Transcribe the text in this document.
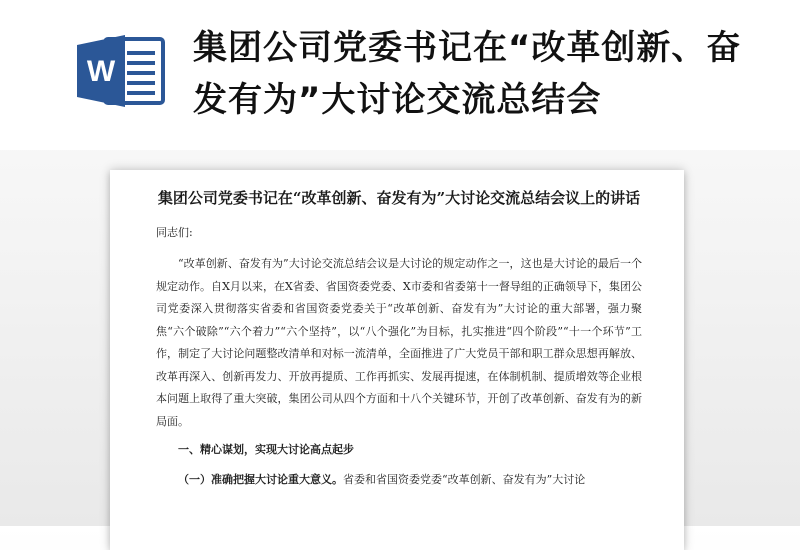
W
集团公司党委书记在“改革创新、奋发有为”大讨论交流总结会

集团公司党委书记在“改革创新、奋发有为”大讨论交流总结会议上的讲话

同志们:

“改革创新、奋发有为”大讨论交流总结会议是大讨论的规定动作之一，这也是大讨论的最后一个规定动作。自X月以来，在X省委、省国资委党委、X市委和省委第十一督导组的正确领导下，集团公司党委深入贯彻落实省委和省国资委党委关于“改革创新、奋发有为”大讨论的重大部署，强力聚焦“六个破除”“六个着力”“六个坚持”，以“八个强化”为目标，扎实推进“四个阶段”“十一个环节”工作，制定了大讨论问题整改清单和对标一流清单，全面推进了广大党员干部和职工群众思想再解放、改革再深入、创新再发力、开放再提质、工作再抓实、发展再提速，在体制机制、提质增效等企业根本问题上取得了重大突破，集团公司从四个方面和十八个关键环节，开创了改革创新、奋发有为的新局面。

一、精心谋划，实现大讨论高点起步

（一）准确把握大讨论重大意义。省委和省国资委党委“改革创新、奋发有为”大讨论
